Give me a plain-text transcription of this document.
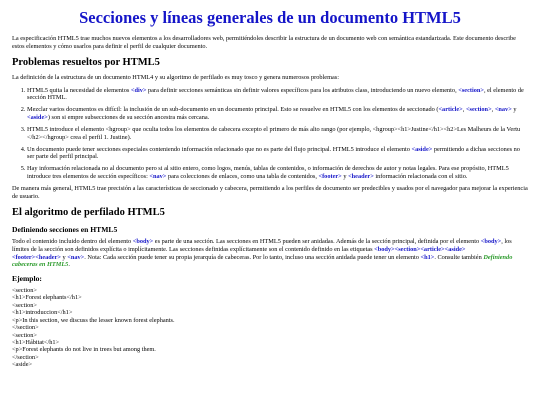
Secciones y líneas generales de un documento HTML5

La especificación HTML5 trae muchos nuevos elementos a los desarrolladores web, permitiéndoles describir la estructura de un documento web con semántica estandarizada. Este documento describe estos elementos y cómo usarlos para definir el perfil de cualquier documento.

Problemas resueltos por HTML5

La definición de la estructura de un documento HTML4 y su algoritmo de perfilado es muy tosco y genera numerosos problemas:

1. HTML5 quita la necesidad de elementos <div> para definir secciones semánticas sin definir valores específicos para los atributos class, introduciendo un nuevo elemento, <section>, el elemento de sección HTML.
2. Mezclar varios documentos es difícil: la inclusión de un sub-documento en un documento principal. Esto se resuelve en HTML5 con los elementos de seccionado (<article>, <section>, <nav> y <aside>) son si empre subsecciones de su sección ancestra más cercana.
3. HTML5 introduce el elemento <hgroup> que oculta todos los elementos de cabecera excepto el primero de más alto rango (por ejemplo, <hgroup><h1>Justine</h1><h2>Les Malheurs de la Vertu </h2></hgroup> crea el perfil 1. Justine).
4. Un documento puede tener secciones especiales conteniendo información relacionado que no es parte del flujo principal. HTML5 introduce el elemento <aside> permitiendo a dichas secciones no ser parte del perfil principal.
5. Hay información relacionada no al documento pero si al sitio entero, como logos, menús, tablas de contenidos, o información de derechos de autor y notas legales. Para ese propósito, HTML5 introduce tres elementos de sección específicos: <nav> para colecciones de enlaces, como una tabla de contenidos, <footer> y <header> información relacionada con el sitio.

De manera más general, HTML5 trae precisión a las características de seccionado y cabecera, permitiendo a los perfiles de documento ser predecibles y usados por el navegador para mejorar la experiencia de usuario.

El algoritmo de perfilado HTML5
Definiendo secciones en HTML5

Todo el contenido incluido dentro del elemento <body> es parte de una sección. Las secciones en HTML5 pueden ser anidadas. Además de la sección principal, definida por el elemento <body>, los límites de la sección son definidos explícita o implícitamente. Las secciones definidas explícitamente son el contenido definido en las etiquetas <body><section><article><aside>
<footer><header> y <nav>. Nota: Cada sección puede tener su propia jerarquía de cabeceras. Por lo tanto, incluso una sección anidada puede tener un elemento <h1>. Consulte también Definiendo cabeceras en HTML5.

Ejemplo:
<section>
<h1>Forest elephants</h1>
<section>
<h1>introduccion</h1>
<p>In this section, we discuss the lesser known forest elephants.
</section>
<section>
<h1>Hábitat</h1>
<p>Forest elephants do not live in trees but among them.
</section>
<aside>
